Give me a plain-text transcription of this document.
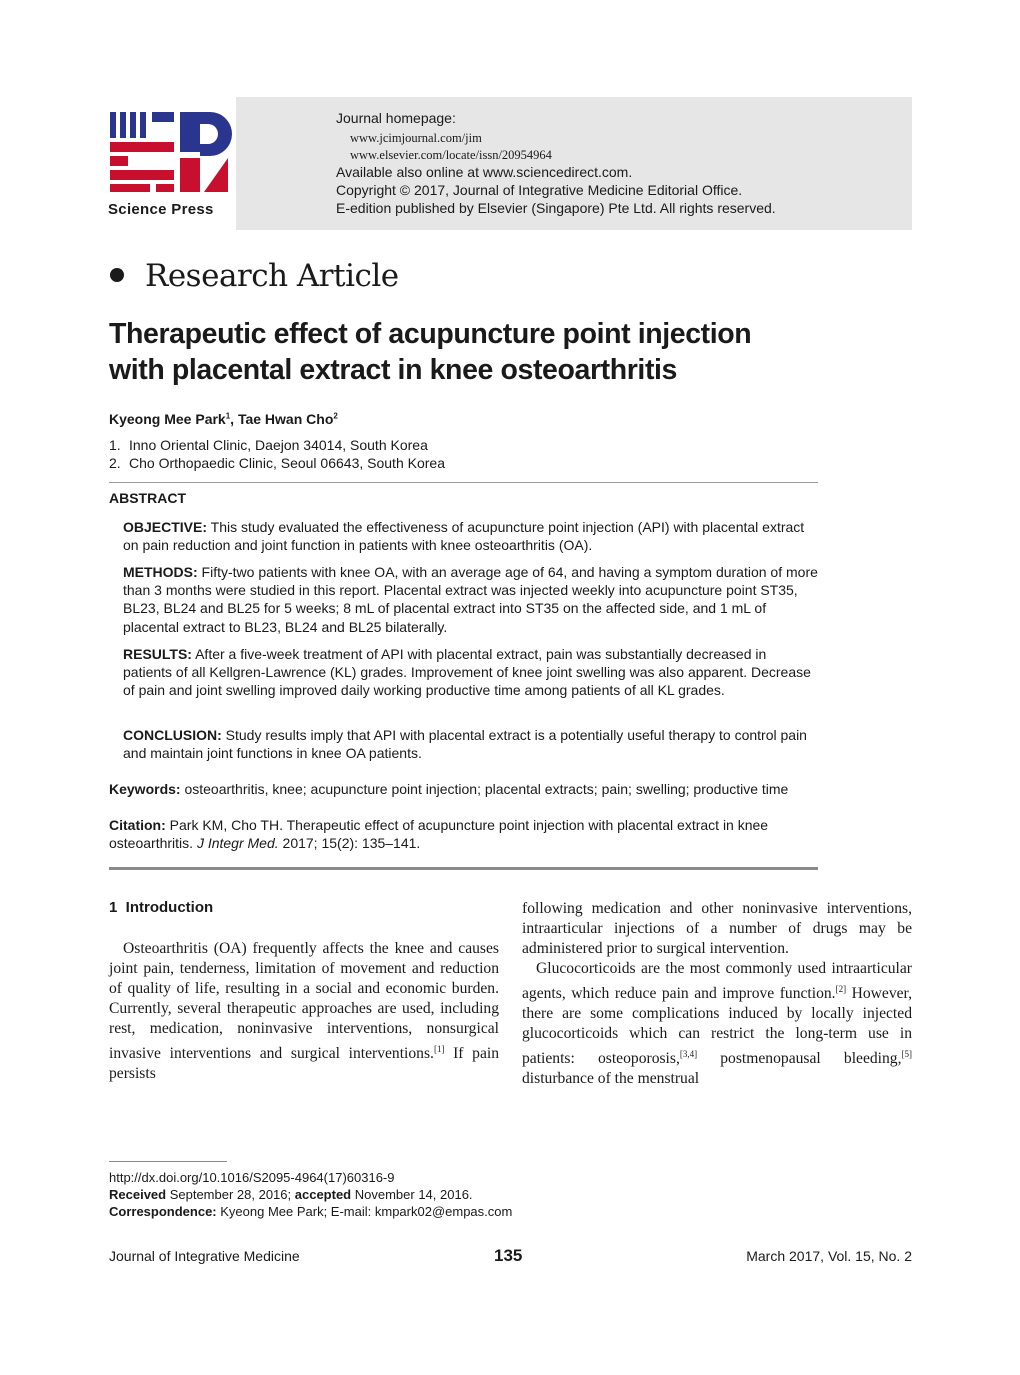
Science Press
Journal homepage:
www.jcimjournal.com/jim
www.elsevier.com/locate/issn/20954964
Available also online at www.sciencedirect.com.
Copyright © 2017, Journal of Integrative Medicine Editorial Office.
E-edition published by Elsevier (Singapore) Pte Ltd. All rights reserved.
Research Article
Therapeutic effect of acupuncture point injection
with placental extract in knee osteoarthritis
Kyeong Mee Park$^1$, Tae Hwan Cho$^2$
1. Inno Oriental Clinic, Daejon 34014, South Korea
2. Cho Orthopaedic Clinic, Seoul 06643, South Korea
ABSTRACT
OBJECTIVE: This study evaluated the effectiveness of acupuncture point injection (API) with placental extract on pain reduction and joint function in patients with knee osteoarthritis (OA).
METHODS: Fifty-two patients with knee OA, with an average age of 64, and having a symptom duration of more than 3 months were studied in this report. Placental extract was injected weekly into acupuncture point ST35, BL23, BL24 and BL25 for 5 weeks; 8 mL of placental extract into ST35 on the affected side, and 1 mL of placental extract to BL23, BL24 and BL25 bilaterally.
RESULTS: After a five-week treatment of API with placental extract, pain was substantially decreased in patients of all Kellgren-Lawrence (KL) grades. Improvement of knee joint swelling was also apparent. Decrease of pain and joint swelling improved daily working productive time among patients of all KL grades.
CONCLUSION: Study results imply that API with placental extract is a potentially useful therapy to control pain and maintain joint functions in knee OA patients.
Keywords: osteoarthritis, knee; acupuncture point injection; placental extracts; pain; swelling; productive time
Citation: Park KM, Cho TH. Therapeutic effect of acupuncture point injection with placental extract in knee osteoarthritis. J Integr Med. 2017; 15(2): 135–141.
1  Introduction

Osteoarthritis (OA) frequently affects the knee and causes joint pain, tenderness, limitation of movement and reduction of quality of life, resulting in a social and economic burden. Currently, several therapeutic approaches are used, including rest, medication, noninvasive interventions, nonsurgical invasive interventions and surgical interventions.[1] If pain persists

following medication and other noninvasive interventions, intraarticular injections of a number of drugs may be administered prior to surgical intervention.

Glucocorticoids are the most commonly used intraarticular agents, which reduce pain and improve function.[2] However, there are some complications induced by locally injected glucocorticoids which can restrict the long-term use in patients: osteoporosis,[3,4] postmenopausal bleeding,[5] disturbance of the menstrual

http://dx.doi.org/10.1016/S2095-4964(17)60316-9
Received September 28, 2016; accepted November 14, 2016.
Correspondence: Kyeong Mee Park; E-mail: kmpark02@empas.com
Journal of Integrative Medicine	135	March 2017, Vol. 15, No. 2
